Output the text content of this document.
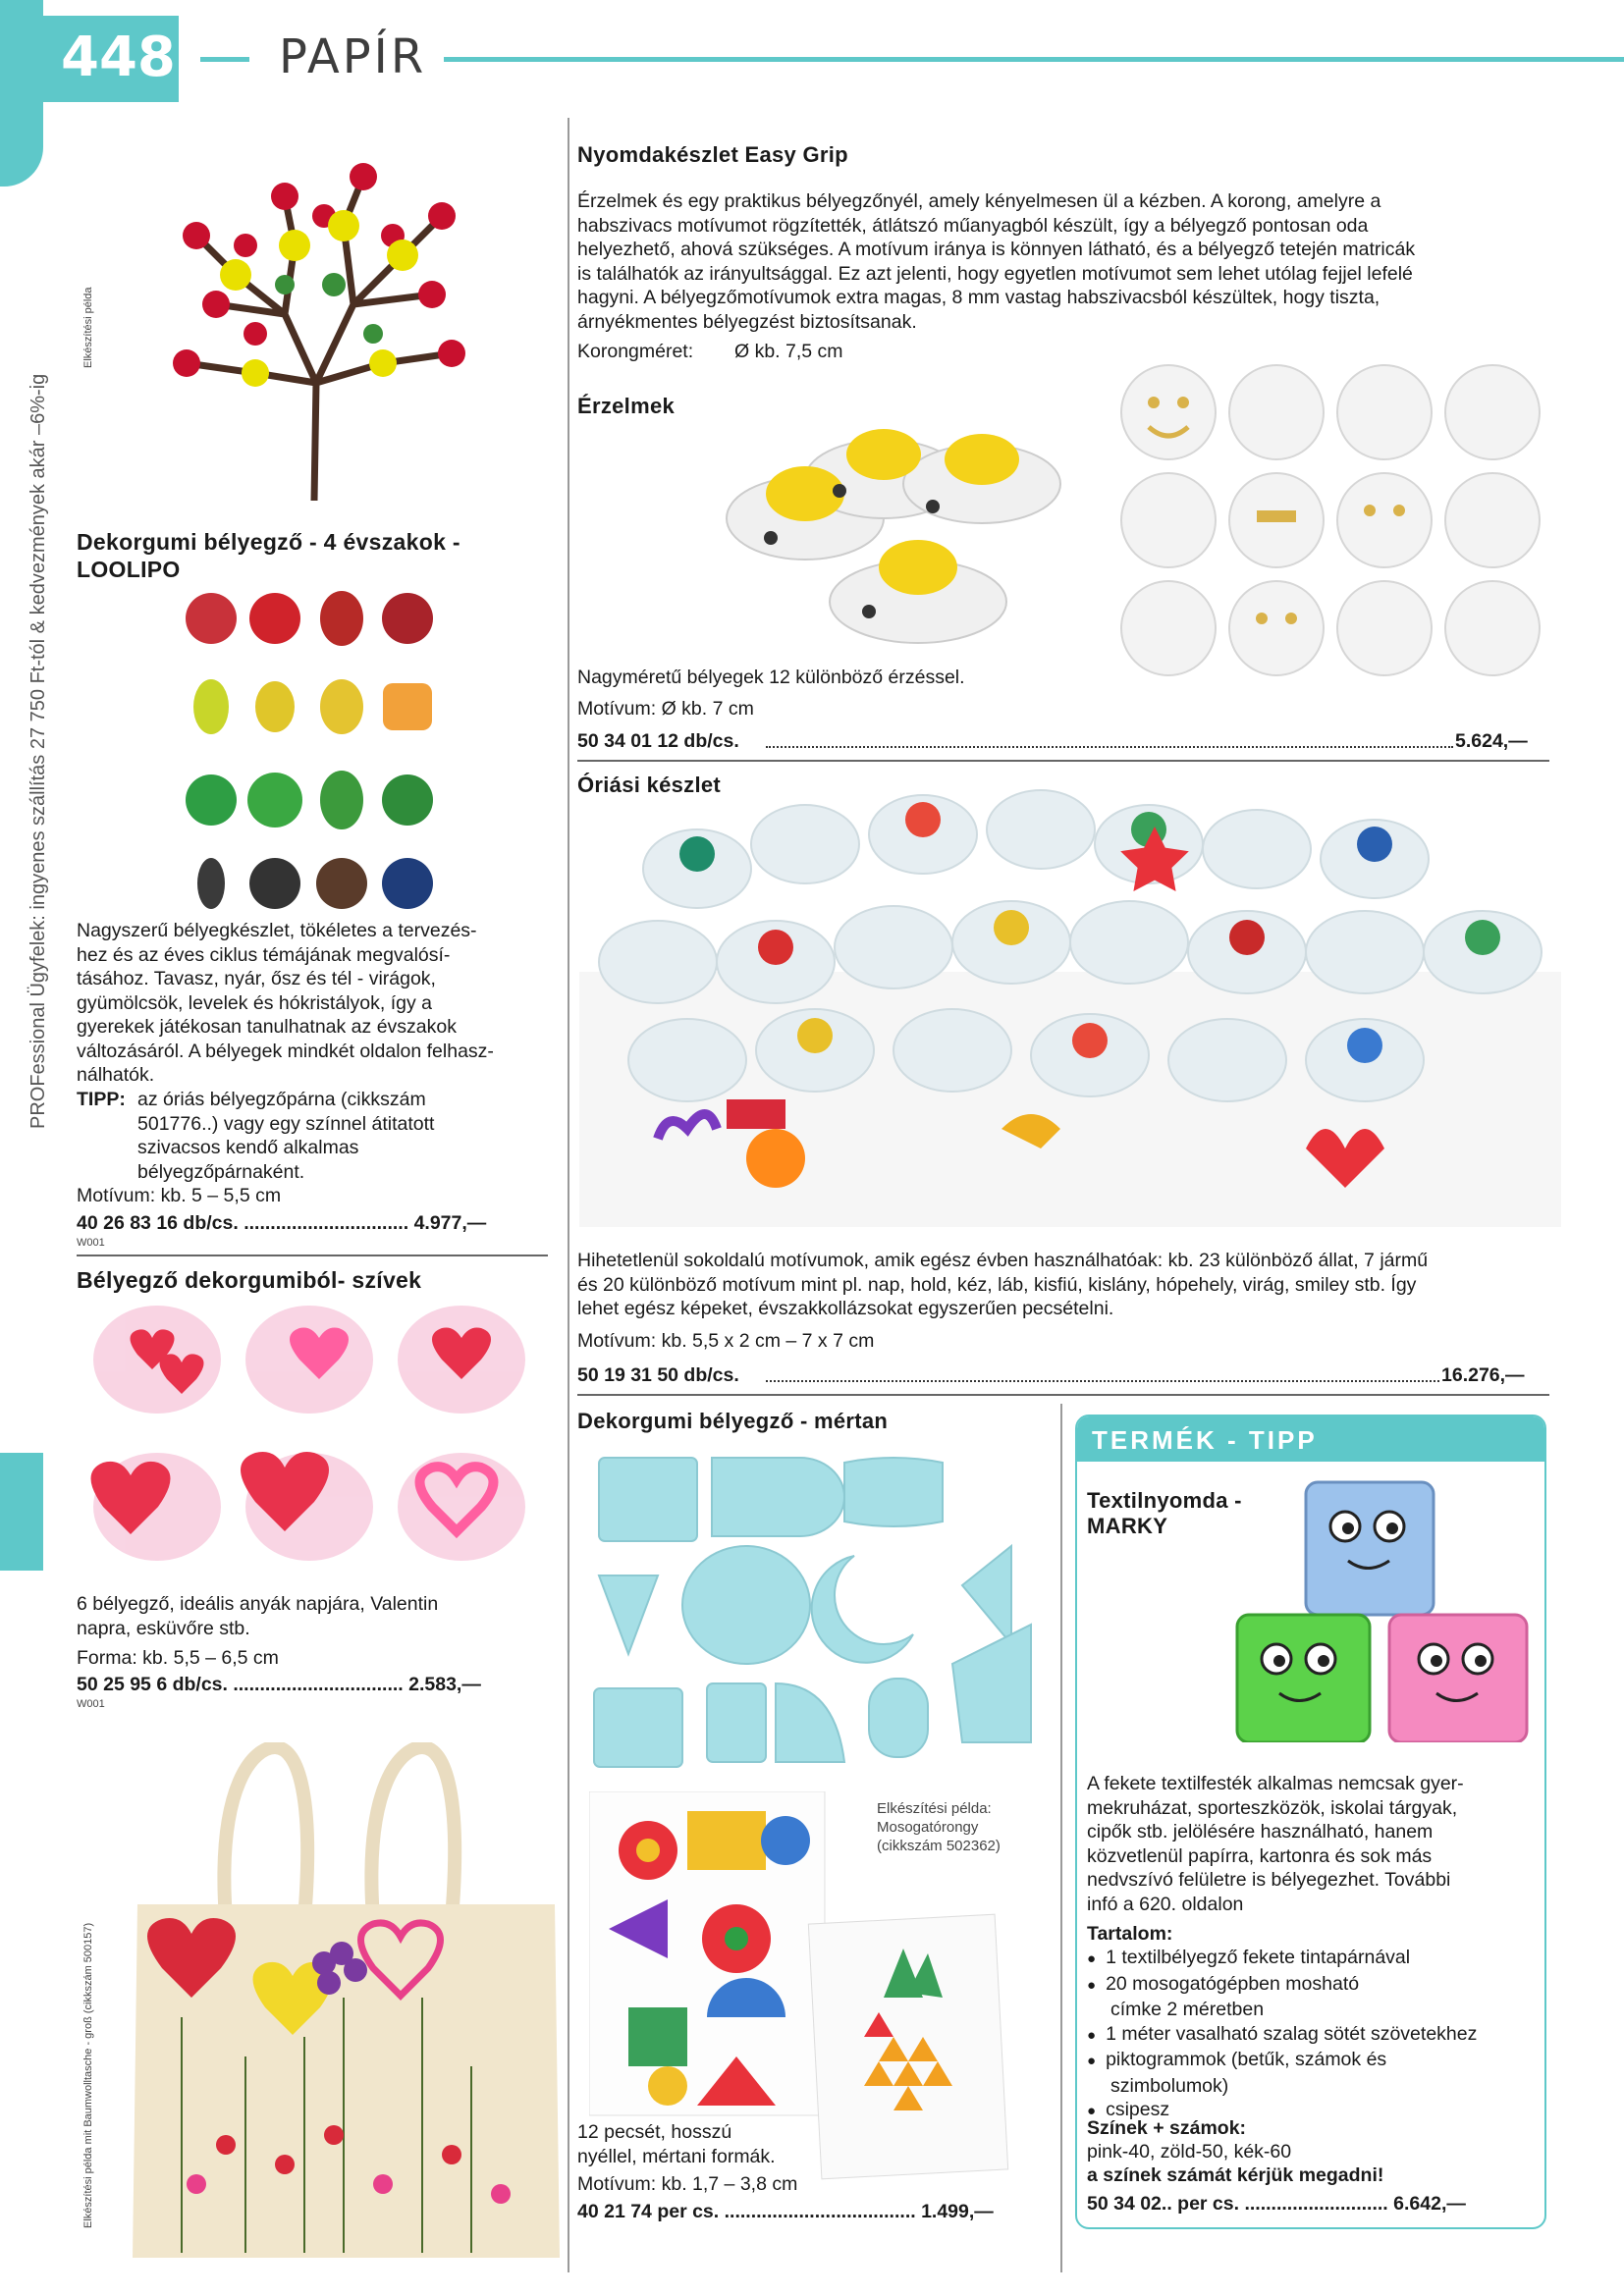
448 PAPÍR
PROFessional Ügyfelek: ingyenes szállítás 27 750 Ft-tól & kedvezmények akár –6%-ig
Elkészítési példa
Dekorgumi bélyegző - 4 évszakok -
LOOLIPO
Nagyszerű bélyegkészlet, tökéletes a tervezés-
hez és az éves ciklus témájának megvalósí-
tásához. Tavasz, nyár, ősz és tél - virágok,
gyümölcsök, levelek és hókristályok, így a
gyerekek játékosan tanulhatnak az évszakok
változásáról. A bélyegek mindkét oldalon felhasz-
nálhatók.
TIPP: az óriás bélyegzőpárna (cikkszám
501776..) vagy egy színnel átitatott
szivacsos kendő alkalmas
bélyegzőpárnaként.
Motívum: kb. 5 – 5,5 cm
40 26 83 16 db/cs. ............................... 4.977,—
W001
Bélyegző dekorgumiból- szívek
6 bélyegző, ideális anyák napjára, Valentin
napra, esküvőre stb.
Forma: kb. 5,5 – 6,5 cm
50 25 95 6 db/cs. ................................ 2.583,—
W001
Elkészítési példa mit Baumwolltasche - groß (cikkszám 500157)
Nyomdakészlet Easy Grip
Érzelmek és egy praktikus bélyegzőnyél, amely kényelmesen ül a kézben. A korong, amelyre a
habszivacs motívumot rögzítették, átlátszó műanyagból készült, így a bélyegző pontosan oda
helyezhető, ahová szükséges. A motívum iránya is könnyen látható, és a bélyegző tetején matricák
is találhatók az irányultsággal. Ez azt jelenti, hogy egyetlen motívumot sem lehet utólag fejjel lefelé
hagyni. A bélyegzőmotívumok extra magas, 8 mm vastag habszivacsból készültek, hogy tiszta,
árnyékmentes bélyegzést biztosítsanak.
Korongméret: Ø kb. 7,5 cm
Érzelmek
Nagyméretű bélyegek 12 különböző érzéssel.
Motívum: Ø kb. 7 cm
50 34 01 12 db/cs.	5.624,—
Óriási készlet
Hihetetlenül sokoldalú motívumok, amik egész évben használhatóak: kb. 23 különböző állat, 7 jármű
és 20 különböző motívum mint pl. nap, hold, kéz, láb, kisfiú, kislány, hópehely, virág, smiley stb. Így
lehet egész képeket, évszakkollázsokat egyszerűen pecsételni.
Motívum: kb. 5,5 x 2 cm – 7 x 7 cm
50 19 31 50 db/cs.	16.276,—
Dekorgumi bélyegző - mértan
Elkészítési példa:
Mosogatórongy
(cikkszám 502362)
12 pecsét, hosszú
nyéllel, mértani formák.
Motívum: kb. 1,7 – 3,8 cm
40 21 74 per cs. .................................... 1.499,—
TERMÉK - TIPP
Textilnyomda -
MARKY
A fekete textilfesték alkalmas nemcsak gyer-
mekruházat, sporteszközök, iskolai tárgyak,
cipők stb. jelölésére használható, hanem
közvetlenül papírra, kartonra és sok más
nedvszívó felületre is bélyegezhet. További
infó a 620. oldalon
Tartalom:
● 1 textilbélyegző fekete tintapárnával
● 20 mosogatógépben mosható
címke 2 méretben
● 1 méter vasalható szalag sötét szövetekhez
● piktogrammok (betűk, számok és
szimbolumok)
● csipesz
Színek + számok:
pink-40, zöld-50, kék-60
a színek számát kérjük megadni!
50 34 02.. per cs. ........................... 6.642,—
